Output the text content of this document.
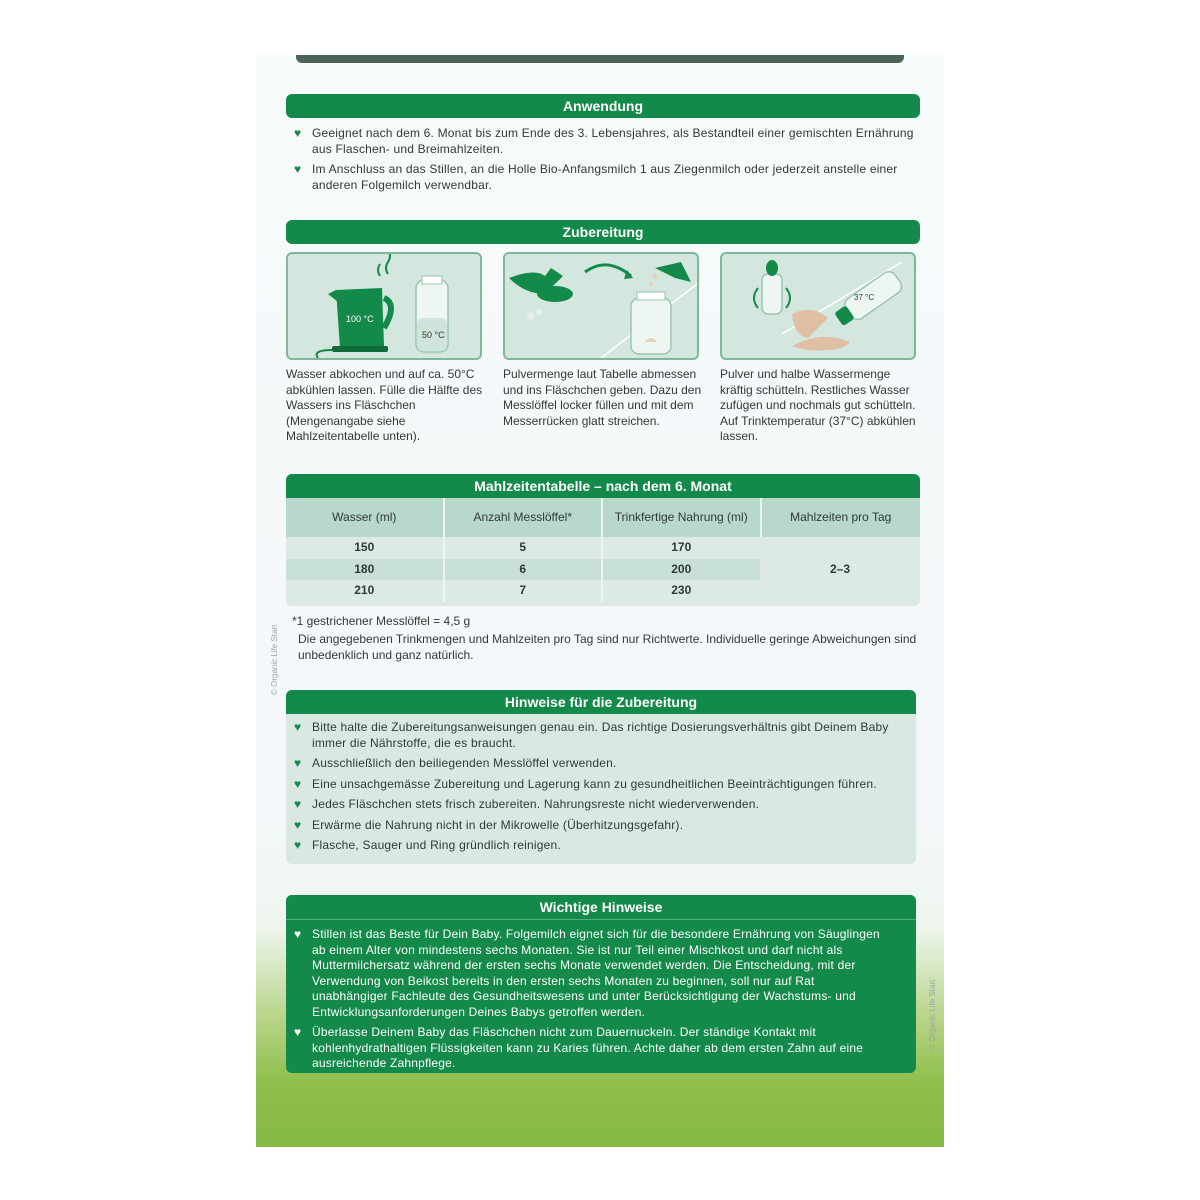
© Organic Life Start
© Organic Life Start
Anwendung
♥ Geeignet nach dem 6. Monat bis zum Ende des 3. Lebensjahres, als Bestandteil einer gemischten Ernährung aus Flaschen- und Breimahlzeiten.
♥ Im Anschluss an das Stillen, an die Holle Bio-Anfangsmilch 1 aus Ziegenmilch oder jederzeit anstelle einer anderen Folgemilch verwendbar.
Zubereitung
100 °C
50 °C
37 °C
Wasser abkochen und auf ca. 50°C abkühlen lassen. Fülle die Hälfte des Wassers ins Fläschchen (Mengenangabe siehe Mahlzeitentabelle unten).
Pulvermenge laut Tabelle abmessen und ins Fläschchen geben. Dazu den Messlöffel locker füllen und mit dem Messerrücken glatt streichen.
Pulver und halbe Wassermenge kräftig schütteln. Restliches Wasser zufügen und nochmals gut schütteln. Auf Trinktemperatur (37°C) abkühlen lassen.
Mahlzeitentabelle – nach dem 6. Monat
Wasser (ml)	Anzahl Messlöffel*	Trinkfertige Nahrung (ml)	Mahlzeiten pro Tag
150	5	170
180	6	200
210	7	230
2–3
*1 gestrichener Messlöffel = 4,5 g
Die angegebenen Trinkmengen und Mahlzeiten pro Tag sind nur Richtwerte. Individuelle geringe Abweichungen sind unbedenklich und ganz natürlich.
Hinweise für die Zubereitung
♥ Bitte halte die Zubereitungsanweisungen genau ein. Das richtige Dosierungsverhältnis gibt Deinem Baby immer die Nährstoffe, die es braucht.
♥ Ausschließlich den beiliegenden Messlöffel verwenden.
♥ Eine unsachgemässe Zubereitung und Lagerung kann zu gesundheitlichen Beeinträchtigungen führen.
♥ Jedes Fläschchen stets frisch zubereiten. Nahrungsreste nicht wiederverwenden.
♥ Erwärme die Nahrung nicht in der Mikrowelle (Überhitzungsgefahr).
♥ Flasche, Sauger und Ring gründlich reinigen.
Wichtige Hinweise
♥ Stillen ist das Beste für Dein Baby. Folgemilch eignet sich für die besondere Ernährung von Säuglingen ab einem Alter von mindestens sechs Monaten. Sie ist nur Teil einer Mischkost und darf nicht als Muttermilchersatz während der ersten sechs Monate verwendet werden. Die Entscheidung, mit der Verwendung von Beikost bereits in den ersten sechs Monaten zu beginnen, soll nur auf Rat unabhängiger Fachleute des Gesundheitswesens und unter Berücksichtigung der Wachstums- und Entwicklungsanforderungen Deines Babys getroffen werden.
♥ Überlasse Deinem Baby das Fläschchen nicht zum Dauernuckeln. Der ständige Kontakt mit kohlenhydrathaltigen Flüssigkeiten kann zu Karies führen. Achte daher ab dem ersten Zahn auf eine ausreichende Zahnpflege.
